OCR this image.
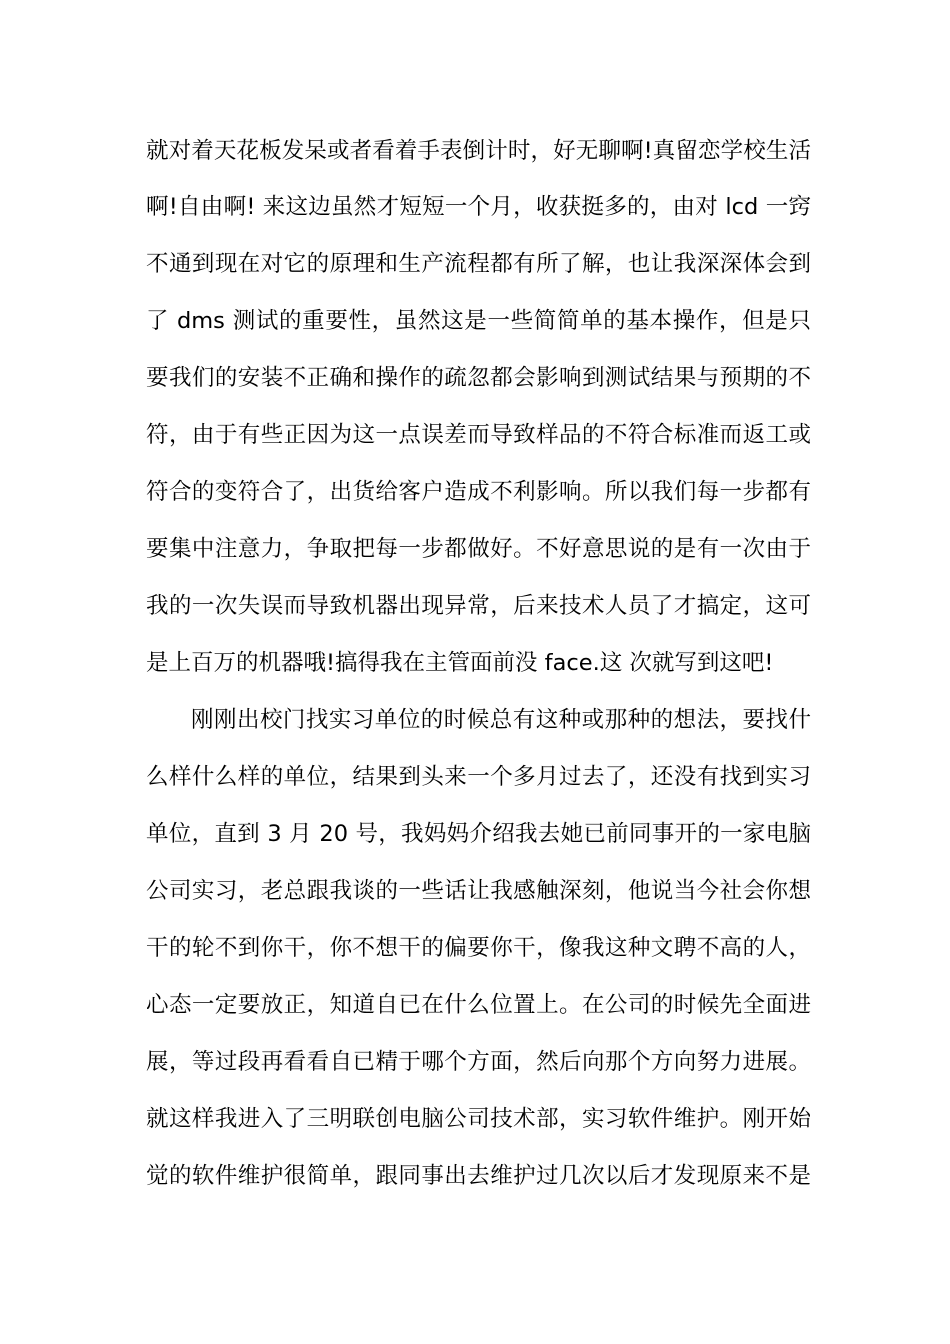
就对着天花板发呆或者看着手表倒计时，好无聊啊!真留恋学校生活
啊!自由啊! 来这边虽然才短短一个月，收获挺多的，由对 lcd 一窍
不通到现在对它的原理和生产流程都有所了解，也让我深深体会到
了 dms 测试的重要性，虽然这是一些简简单的基本操作，但是只
要我们的安装不正确和操作的疏忽都会影响到测试结果与预期的不
符，由于有些正因为这一点误差而导致样品的不符合标准而返工或
符合的变符合了，出货给客户造成不利影响。所以我们每一步都有
要集中注意力，争取把每一步都做好。不好意思说的是有一次由于
我的一次失误而导致机器出现异常，后来技术人员了才搞定，这可
是上百万的机器哦!搞得我在主管面前没 face.这 次就写到这吧!
刚刚出校门找实习单位的时候总有这种或那种的想法，要找什
么样什么样的单位，结果到头来一个多月过去了，还没有找到实习
单位，直到 3 月 20 号，我妈妈介绍我去她已前同事开的一家电脑
公司实习，老总跟我谈的一些话让我感触深刻，他说当今社会你想
干的轮不到你干，你不想干的偏要你干，像我这种文聘不高的人，
心态一定要放正，知道自已在什么位置上。在公司的时候先全面进
展，等过段再看看自已精于哪个方面，然后向那个方向努力进展。
就这样我进入了三明联创电脑公司技术部，实习软件维护。刚开始
觉的软件维护很简单，跟同事出去维护过几次以后才发现原来不是
